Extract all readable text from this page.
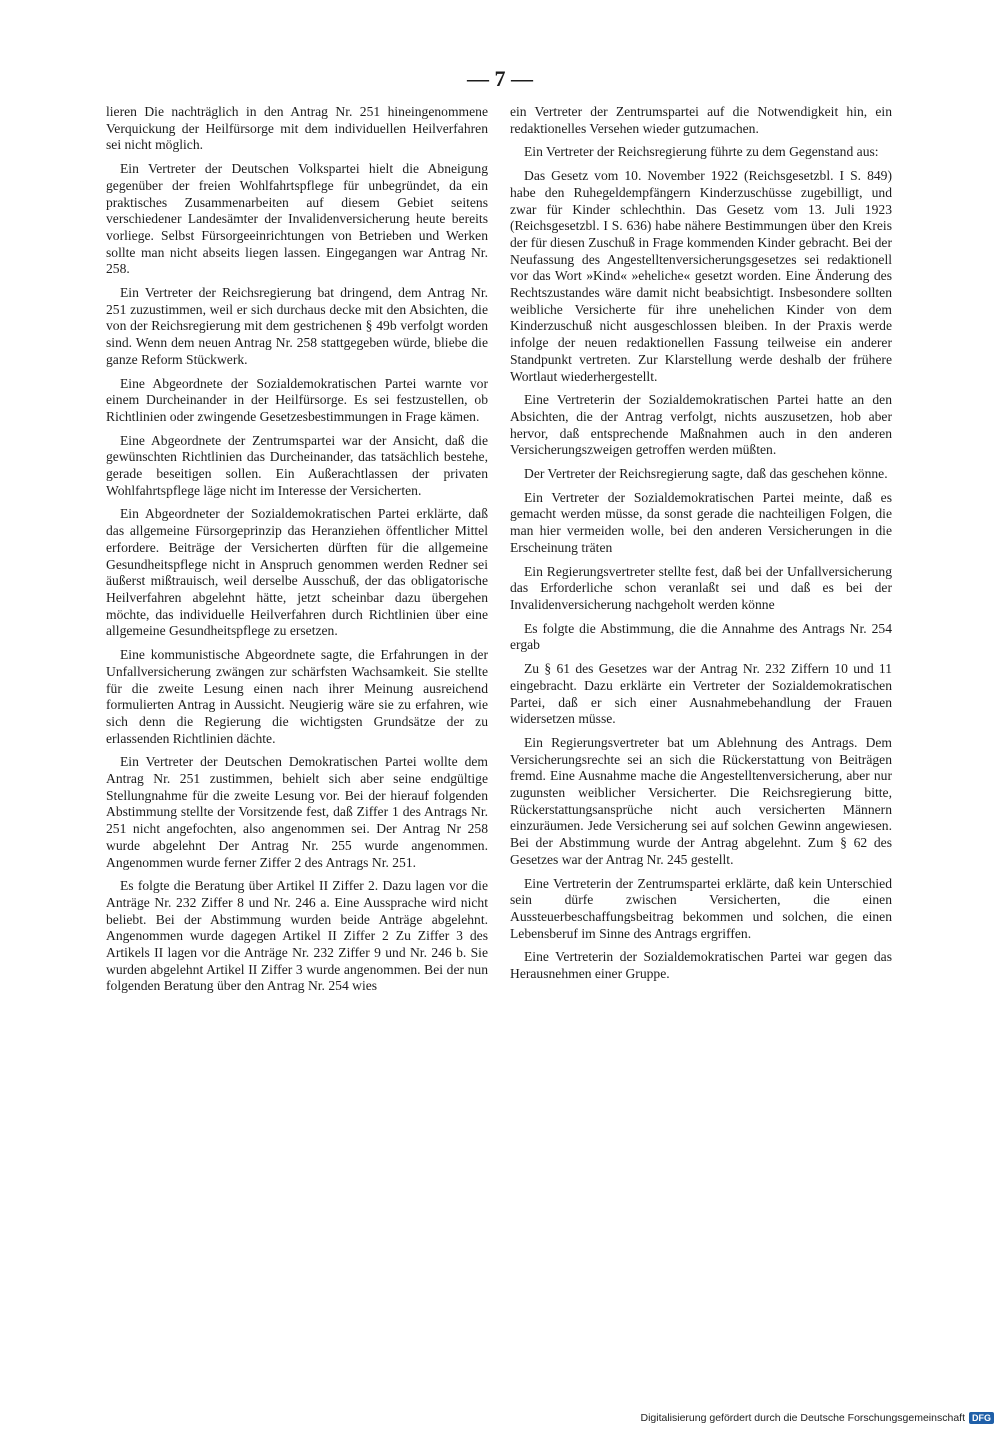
— 7 —

lieren Die nachträglich in den Antrag Nr. 251 hineingenommene Verquickung der Heilfürsorge mit dem individuellen Heilverfahren sei nicht möglich.

Ein Vertreter der Deutschen Volkspartei hielt die Abneigung gegenüber der freien Wohlfahrtspflege für unbegründet, da ein praktisches Zusammenarbeiten auf diesem Gebiet seitens verschiedener Landesämter der Invalidenversicherung heute bereits vorliege. Selbst Fürsorgeeinrichtungen von Betrieben und Werken sollte man nicht abseits liegen lassen. Eingegangen war Antrag Nr. 258.

Ein Vertreter der Reichsregierung bat dringend, dem Antrag Nr. 251 zuzustimmen, weil er sich durchaus decke mit den Absichten, die von der Reichsregierung mit dem gestrichenen § 49b verfolgt worden sind. Wenn dem neuen Antrag Nr. 258 stattgegeben würde, bliebe die ganze Reform Stückwerk.

Eine Abgeordnete der Sozialdemokratischen Partei warnte vor einem Durcheinander in der Heilfürsorge. Es sei festzustellen, ob Richtlinien oder zwingende Gesetzesbestimmungen in Frage kämen.

Eine Abgeordnete der Zentrumspartei war der Ansicht, daß die gewünschten Richtlinien das Durcheinander, das tatsächlich bestehe, gerade beseitigen sollen. Ein Außerachtlassen der privaten Wohlfahrtspflege läge nicht im Interesse der Versicherten.

Ein Abgeordneter der Sozialdemokratischen Partei erklärte, daß das allgemeine Fürsorgeprinzip das Heranziehen öffentlicher Mittel erfordere. Beiträge der Versicherten dürften für die allgemeine Gesundheitspflege nicht in Anspruch genommen werden Redner sei äußerst mißtrauisch, weil derselbe Ausschuß, der das obligatorische Heilverfahren abgelehnt hätte, jetzt scheinbar dazu übergehen möchte, das individuelle Heilverfahren durch Richtlinien über eine allgemeine Gesundheitspflege zu ersetzen.

Eine kommunistische Abgeordnete sagte, die Erfahrungen in der Unfallversicherung zwängen zur schärfsten Wachsamkeit. Sie stellte für die zweite Lesung einen nach ihrer Meinung ausreichend formulierten Antrag in Aussicht. Neugierig wäre sie zu erfahren, wie sich denn die Regierung die wichtigsten Grundsätze der zu erlassenden Richtlinien dächte.

Ein Vertreter der Deutschen Demokratischen Partei wollte dem Antrag Nr. 251 zustimmen, behielt sich aber seine endgültige Stellungnahme für die zweite Lesung vor. Bei der hierauf folgenden Abstimmung stellte der Vorsitzende fest, daß Ziffer 1 des Antrags Nr. 251 nicht angefochten, also angenommen sei. Der Antrag Nr 258 wurde abgelehnt Der Antrag Nr. 255 wurde angenommen. Angenommen wurde ferner Ziffer 2 des Antrags Nr. 251.

Es folgte die Beratung über Artikel II Ziffer 2. Dazu lagen vor die Anträge Nr. 232 Ziffer 8 und Nr. 246 a. Eine Aussprache wird nicht beliebt. Bei der Abstimmung wurden beide Anträge abgelehnt. Angenommen wurde dagegen Artikel II Ziffer 2 Zu Ziffer 3 des Artikels II lagen vor die Anträge Nr. 232 Ziffer 9 und Nr. 246 b. Sie wurden abgelehnt Artikel II Ziffer 3 wurde angenommen. Bei der nun folgenden Beratung über den Antrag Nr. 254 wies

ein Vertreter der Zentrumspartei auf die Notwendigkeit hin, ein redaktionelles Versehen wieder gutzumachen.

Ein Vertreter der Reichsregierung führte zu dem Gegenstand aus:

Das Gesetz vom 10. November 1922 (Reichsgesetzbl. I S. 849) habe den Ruhegeldempfängern Kinderzuschüsse zugebilligt, und zwar für Kinder schlechthin. Das Gesetz vom 13. Juli 1923 (Reichsgesetzbl. I S. 636) habe nähere Bestimmungen über den Kreis der für diesen Zuschuß in Frage kommenden Kinder gebracht. Bei der Neufassung des Angestelltenversicherungsgesetzes sei redaktionell vor das Wort »Kind« »eheliche« gesetzt worden. Eine Änderung des Rechtszustandes wäre damit nicht beabsichtigt. Insbesondere sollten weibliche Versicherte für ihre unehelichen Kinder von dem Kinderzuschuß nicht ausgeschlossen bleiben. In der Praxis werde infolge der neuen redaktionellen Fassung teilweise ein anderer Standpunkt vertreten. Zur Klarstellung werde deshalb der frühere Wortlaut wiederhergestellt.

Eine Vertreterin der Sozialdemokratischen Partei hatte an den Absichten, die der Antrag verfolgt, nichts auszusetzen, hob aber hervor, daß entsprechende Maßnahmen auch in den anderen Versicherungszweigen getroffen werden müßten.

Der Vertreter der Reichsregierung sagte, daß das geschehen könne.

Ein Vertreter der Sozialdemokratischen Partei meinte, daß es gemacht werden müsse, da sonst gerade die nachteiligen Folgen, die man hier vermeiden wolle, bei den anderen Versicherungen in die Erscheinung träten

Ein Regierungsvertreter stellte fest, daß bei der Unfallversicherung das Erforderliche schon veranlaßt sei und daß es bei der Invalidenversicherung nachgeholt werden könne

Es folgte die Abstimmung, die die Annahme des Antrags Nr. 254 ergab

Zu § 61 des Gesetzes war der Antrag Nr. 232 Ziffern 10 und 11 eingebracht. Dazu erklärte ein Vertreter der Sozialdemokratischen Partei, daß er sich einer Ausnahmebehandlung der Frauen widersetzen müsse.

Ein Regierungsvertreter bat um Ablehnung des Antrags. Dem Versicherungsrechte sei an sich die Rückerstattung von Beiträgen fremd. Eine Ausnahme mache die Angestelltenversicherung, aber nur zugunsten weiblicher Versicherter. Die Reichsregierung bitte, Rückerstattungsansprüche nicht auch versicherten Männern einzuräumen. Jede Versicherung sei auf solchen Gewinn angewiesen. Bei der Abstimmung wurde der Antrag abgelehnt. Zum § 62 des Gesetzes war der Antrag Nr. 245 gestellt.

Eine Vertreterin der Zentrumspartei erklärte, daß kein Unterschied sein dürfe zwischen Versicherten, die einen Aussteuerbeschaffungsbeitrag bekommen und solchen, die einen Lebensberuf im Sinne des Antrags ergriffen.

Eine Vertreterin der Sozialdemokratischen Partei war gegen das Herausnehmen einer Gruppe.

Digitalisierung gefördert durch die Deutsche Forschungsgemeinschaft DFG
